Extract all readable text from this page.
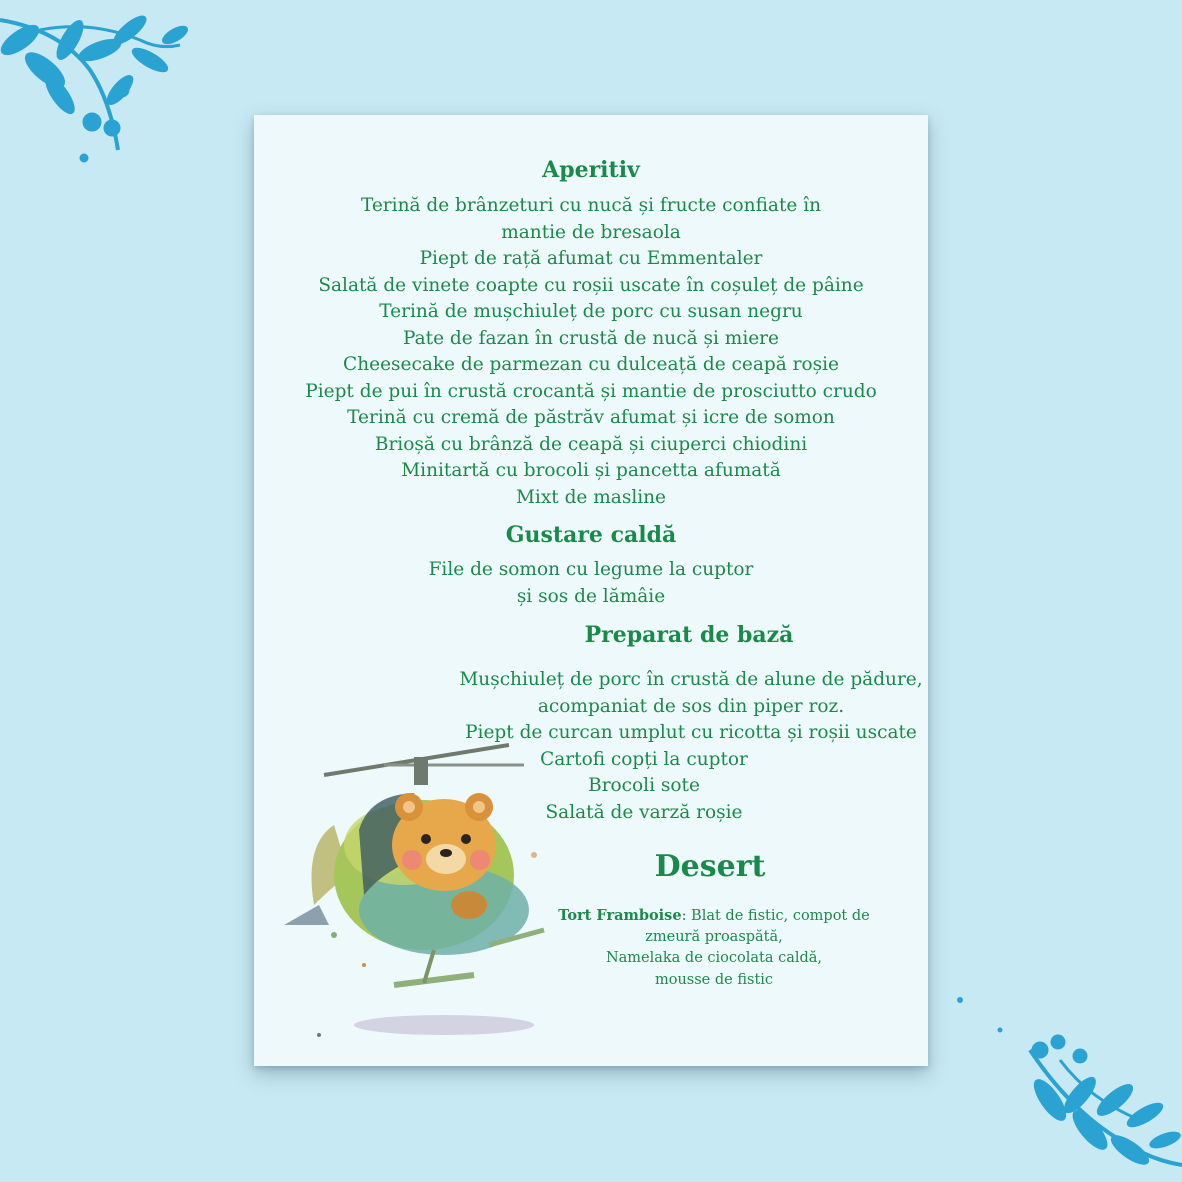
Aperitiv
Terină de brânzeturi cu nucă și fructe confiate în
mantie de bresaola
Piept de rață afumat cu Emmentaler
Salată de vinete coapte cu roșii uscate în coșuleț de pâine
Terină de mușchiuleț de porc cu susan negru
Pate de fazan în crustă de nucă și miere
Cheesecake de parmezan cu dulceață de ceapă roșie
Piept de pui în crustă crocantă și mantie de prosciutto crudo
Terină cu cremă de păstrăv afumat și icre de somon
Brioșă cu brânză de ceapă și ciuperci chiodini
Minitartă cu brocoli și pancetta afumată
Mixt de masline
Gustare caldă
File de somon cu legume la cuptor
și sos de lămâie
Preparat de bază
Mușchiuleț de porc în crustă de alune de pădure,
acompaniat de sos din piper roz.
Piept de curcan umplut cu ricotta și roșii uscate
Cartofi copți la cuptor
Brocoli sote
Salată de varză roșie
Desert
Tort Framboise: Blat de fistic, compot de
zmeură proaspătă,
Namelaka de ciocolata caldă,
mousse de fistic
